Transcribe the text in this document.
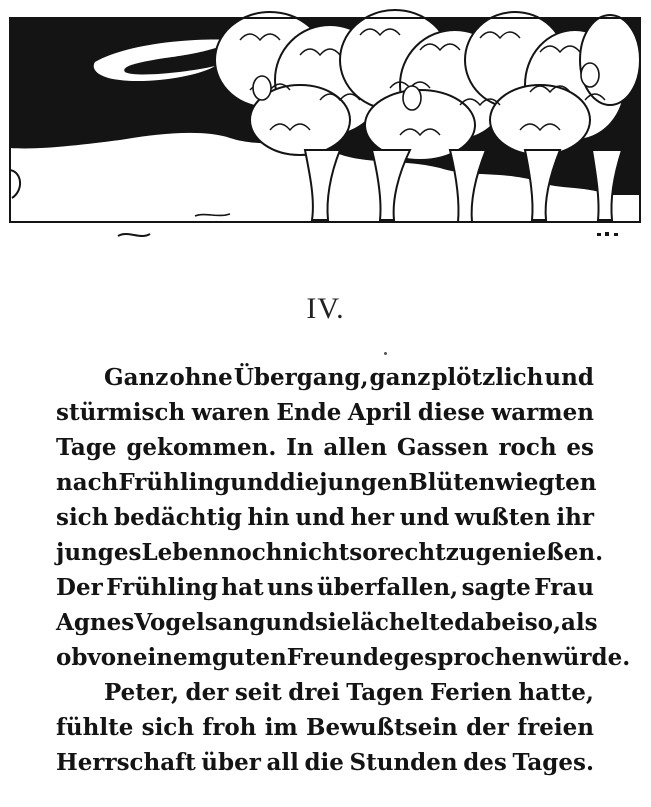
IV.
Ganz ohne Übergang, ganz plötzlich und
stürmisch waren Ende April diese warmen
Tage gekommen. In allen Gassen roch es
nach Frühling und die jungen Blüten wiegten
sich bedächtig hin und her und wußten ihr
junges Leben noch nicht so recht zu genießen.
Der Frühling hat uns überfallen, sagte Frau
Agnes Vogelsang und sie lächelte dabei so, als
ob von einem guten Freunde gesprochen würde.
Peter, der seit drei Tagen Ferien hatte,
fühlte sich froh im Bewußtsein der freien
Herrschaft über all die Stunden des Tages.
